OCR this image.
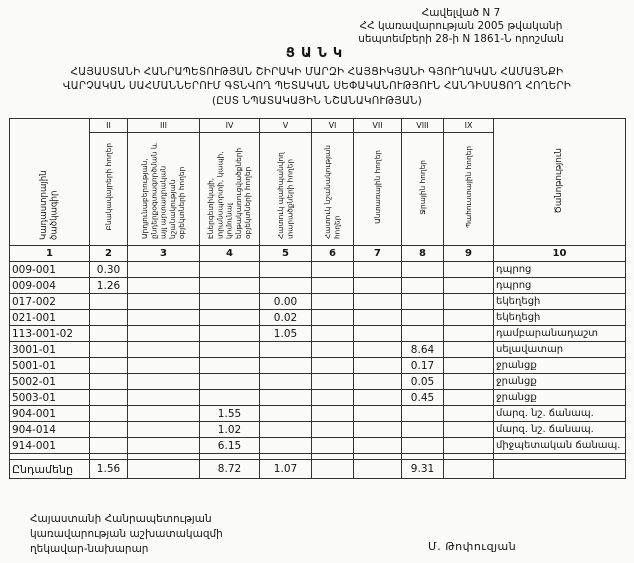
Հավելված N 7
ՀՀ կառավարության 2005 թվականի
սեպտեմբերի 28-ի N 1861-Ն որոշման
ՑԱՆԿ
ՀԱՅԱՍՏԱՆԻ ՀԱՆՐԱՊԵՏՈՒԹՅԱՆ ՇԻՐԱԿԻ ՄԱՐԶԻ ՀԱՅՑԻԿՅԱՆԻ ԳՅՈՒՂԱԿԱՆ ՀԱՄԱՅՆՔԻ
ՎԱՐՉԱԿԱՆ ՍԱՀՄԱՆՆԵՐՈՒՄ ԳՏՆՎՈՂ ՊԵՏԱԿԱՆ ՍԵՓԱԿԱՆՈՒԹՅՈՒՆ ՀԱՆԴԻՍԱՑՈՂ ՀՈՂԵՐԻ
(ԸՍՏ ՆՊԱՏԱԿԱՅԻՆ ՆՇԱՆԱԿՈՒԹՅԱՆ)
Կադաստրային ծածկագիր	II	III	IV	V	VI	VII	VIII	IX	Ծանոթություն
	Բնակավայրերի հողեր	Արդյունաբերության, ընդերքօգտագործման և այլ արտադրական նշանակության օբյեկտների հողեր	Էներգետիկայի, տրանսպորտի, կապի, կոմունալ ենթակառուցվածքների օբյեկտների հողեր	Հատուկ պահպանվող տարածքների հողեր	Հատուկ նշանակության հողեր	Անտառային հողեր	Ջրային հողեր	Պահուստային հողեր	
1	2	3	4	5	6	7	8	9	10
009-001	0.30								դպրոց
009-004	1.26								դպրոց
017-002				0.00					եկեղեցի
021-001				0.02					եկեղեցի
113-001-02				1.05					դամբարանադաշտ
3001-01							8.64		սելավատար
5001-01							0.17		ջրանցք
5002-01							0.05		ջրանցք
5003-01							0.45		ջրանցք
904-001			1.55						մարզ. նշ. ճանապ.
904-014			1.02						մարզ. նշ. ճանապ.
914-001			6.15						միջպետական ճանապ.

Ընդամենը	1.56		8.72	1.07			9.31		
Հայաստանի Հանրապետության
կառավարության աշխատակազմի
ղեկավար-նախարար	Մ. Թոփուզյան
